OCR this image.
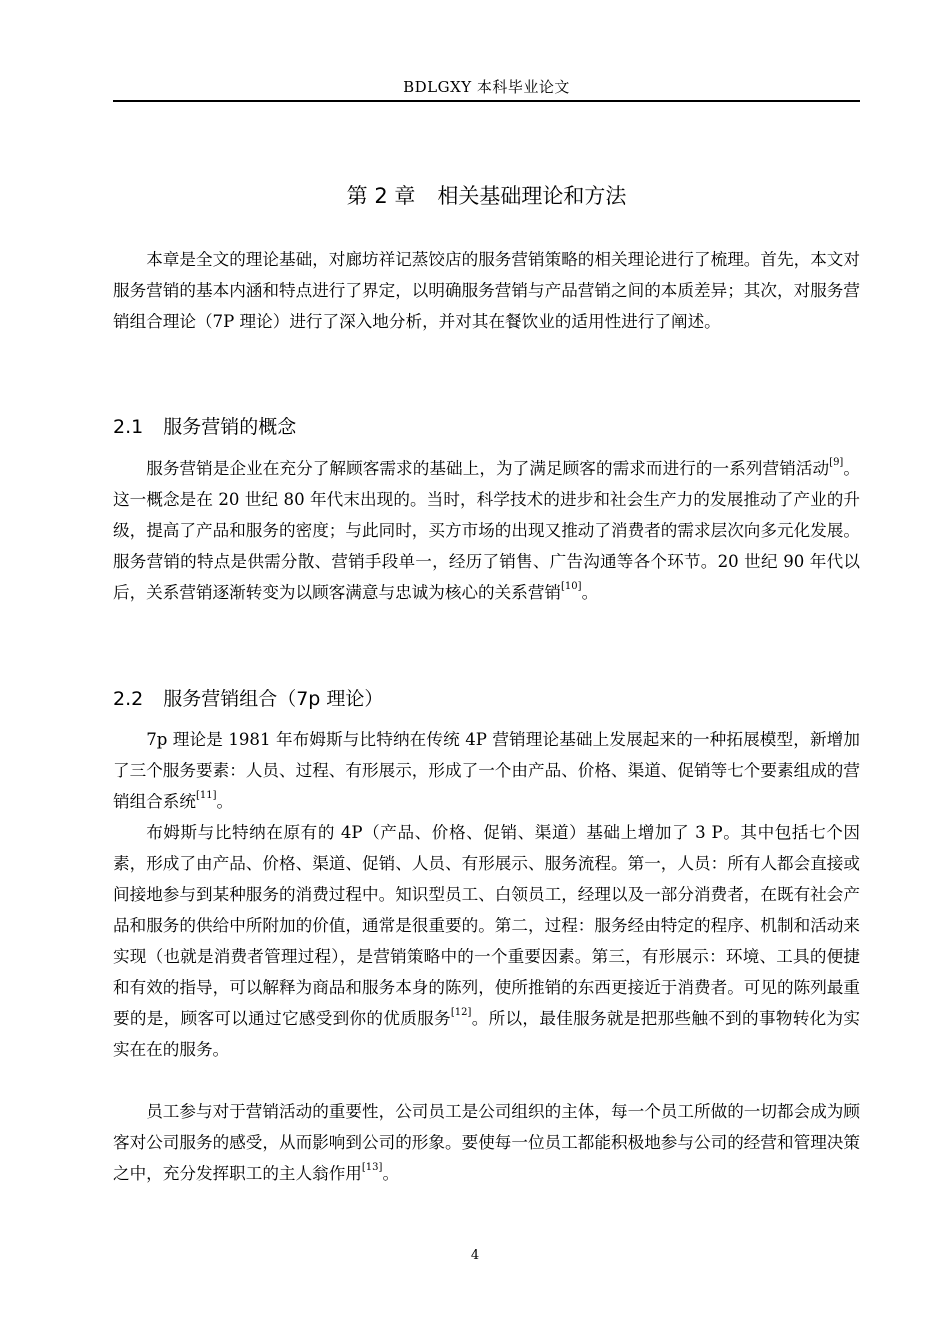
BDLGXY 本科毕业论文
第 2 章 相关基础理论和方法

本章是全文的理论基础，对廊坊祥记蒸饺店的服务营销策略的相关理论进行了梳理。首先，本文对服务营销的基本内涵和特点进行了界定，以明确服务营销与产品营销之间的本质差异；其次，对服务营销组合理论（7P 理论）进行了深入地分析，并对其在餐饮业的适用性进行了阐述。

2.1 服务营销的概念

服务营销是企业在充分了解顾客需求的基础上，为了满足顾客的需求而进行的一系列营销活动[9]。这一概念是在 20 世纪 80 年代末出现的。当时，科学技术的进步和社会生产力的发展推动了产业的升级，提高了产品和服务的密度；与此同时，买方市场的出现又推动了消费者的需求层次向多元化发展。服务营销的特点是供需分散、营销手段单一，经历了销售、广告沟通等各个环节。20 世纪 90 年代以后，关系营销逐渐转变为以顾客满意与忠诚为核心的关系营销[10]。

2.2 服务营销组合（7p 理论）

7p 理论是 1981 年布姆斯与比特纳在传统 4P 营销理论基础上发展起来的一种拓展模型，新增加了三个服务要素：人员、过程、有形展示，形成了一个由产品、价格、渠道、促销等七个要素组成的营销组合系统[11]。

布姆斯与比特纳在原有的 4P（产品、价格、促销、渠道）基础上增加了 3 P。其中包括七个因素，形成了由产品、价格、渠道、促销、人员、有形展示、服务流程。第一，人员：所有人都会直接或间接地参与到某种服务的消费过程中。知识型员工、白领员工，经理以及一部分消费者，在既有社会产品和服务的供给中所附加的价值，通常是很重要的。第二，过程：服务经由特定的程序、机制和活动来实现（也就是消费者管理过程），是营销策略中的一个重要因素。第三，有形展示：环境、工具的便捷和有效的指导，可以解释为商品和服务本身的陈列，使所推销的东西更接近于消费者。可见的陈列最重要的是，顾客可以通过它感受到你的优质服务[12]。所以，最佳服务就是把那些触不到的事物转化为实实在在的服务。

员工参与对于营销活动的重要性，公司员工是公司组织的主体，每一个员工所做的一切都会成为顾客对公司服务的感受，从而影响到公司的形象。要使每一位员工都能积极地参与公司的经营和管理决策之中，充分发挥职工的主人翁作用[13]。

4
